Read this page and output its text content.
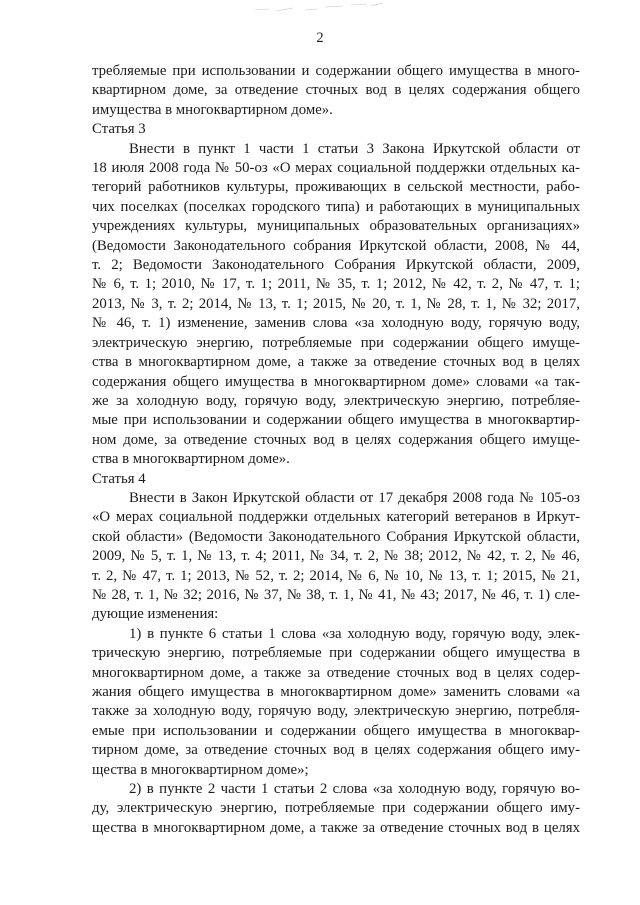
2

требляемые при использовании и содержании общего имущества в много-
квартирном доме, за отведение сточных вод в целях содержания общего
имущества в многоквартирном доме».

Статья 3

Внести в пункт 1 части 1 статьи 3 Закона Иркутской области от
18 июля 2008 года № 50-оз «О мерах социальной поддержки отдельных ка-
тегорий работников культуры, проживающих в сельской местности, рабо-
чих поселках (поселках городского типа) и работающих в муниципальных
учреждениях культуры, муниципальных образовательных организациях»
(Ведомости Законодательного собрания Иркутской области, 2008, № 44,
т. 2; Ведомости Законодательного Собрания Иркутской области, 2009,
№ 6, т. 1; 2010, № 17, т. 1; 2011, № 35, т. 1; 2012, № 42, т. 2, № 47, т. 1;
2013, № 3, т. 2; 2014, № 13, т. 1; 2015, № 20, т. 1, № 28, т. 1, № 32; 2017,
№ 46, т. 1) изменение, заменив слова «за холодную воду, горячую воду,
электрическую энергию, потребляемые при содержании общего имуще-
ства в многоквартирном доме, а также за отведение сточных вод в целях
содержания общего имущества в многоквартирном доме» словами «а так-
же за холодную воду, горячую воду, электрическую энергию, потребляе-
мые при использовании и содержании общего имущества в многоквартир-
ном доме, за отведение сточных вод в целях содержания общего имуще-
ства в многоквартирном доме».

Статья 4

Внести в Закон Иркутской области от 17 декабря 2008 года № 105-оз
«О мерах социальной поддержки отдельных категорий ветеранов в Иркут-
ской области» (Ведомости Законодательного Собрания Иркутской области,
2009, № 5, т. 1, № 13, т. 4; 2011, № 34, т. 2, № 38; 2012, № 42, т. 2, № 46,
т. 2, № 47, т. 1; 2013, № 52, т. 2; 2014, № 6, № 10, № 13, т. 1; 2015, № 21,
№ 28, т. 1, № 32; 2016, № 37, № 38, т. 1, № 41, № 43; 2017, № 46, т. 1) сле-
дующие изменения:

1) в пункте 6 статьи 1 слова «за холодную воду, горячую воду, элек-
трическую энергию, потребляемые при содержании общего имущества в
многоквартирном доме, а также за отведение сточных вод в целях содер-
жания общего имущества в многоквартирном доме» заменить словами «а
также за холодную воду, горячую воду, электрическую энергию, потребля-
емые при использовании и содержании общего имущества в многоквар-
тирном доме, за отведение сточных вод в целях содержания общего иму-
щества в многоквартирном доме»;

2) в пункте 2 части 1 статьи 2 слова «за холодную воду, горячую во-
ду, электрическую энергию, потребляемые при содержании общего иму-
щества в многоквартирном доме, а также за отведение сточных вод в целях
